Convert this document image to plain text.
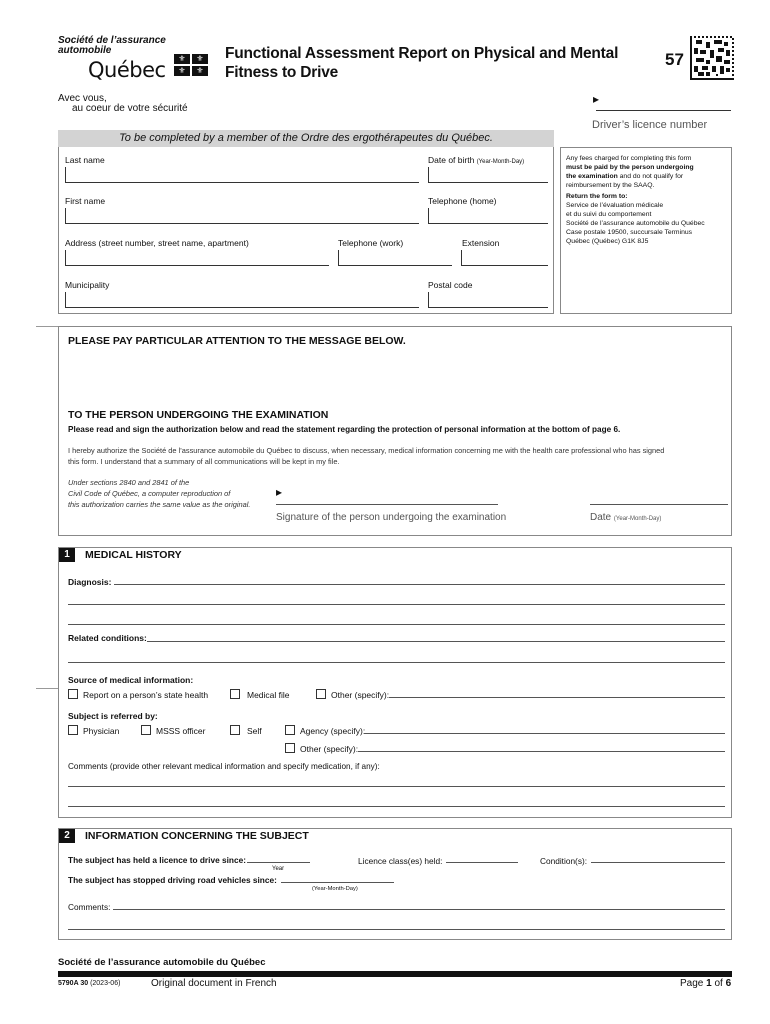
Société de l’assurance
automobile
Québec	⚜	⚜
⚜	⚜
Avec vous,
au coeur de votre sécurité
Functional Assessment Report on Physical and Mental
Fitness to Drive
57
▸
Driver’s licence number
To be completed by a member of the Ordre des ergothérapeutes du Québec.
Last name	Date of birth (Year-Month-Day)
First name	Telephone (home)
Address (street number, street name, apartment)	Telephone (work)	Extension
Municipality	Postal code
Any fees charged for completing this form
must be paid by the person undergoing
the examination and do not qualify for
reimbursement by the SAAQ.
Return the form to:
Service de l’évaluation médicale
et du suivi du comportement
Société de l’assurance automobile du Québec
Case postale 19500, succursale Terminus
Québec (Québec) G1K 8J5
PLEASE PAY PARTICULAR ATTENTION TO THE MESSAGE BELOW.
TO THE PERSON UNDERGOING THE EXAMINATION
Please read and sign the authorization below and read the statement regarding the protection of personal information at the bottom of page 6.
I hereby authorize the Société de l’assurance automobile du Québec to discuss, when necessary, medical information concerning me with the health care professional who has signed
this form. I understand that a summary of all communications will be kept in my file.
Under sections 2840 and 2841 of the
Civil Code of Québec, a computer reproduction of
this authorization carries the same value as the original.
▸
Signature of the person undergoing the examination	Date (Year-Month-Day)
1	MEDICAL HISTORY
Diagnosis:
Related conditions:
Source of medical information:
Report on a person’s state health	Medical file	Other (specify):
Subject is referred by:
Physician	MSSS officer	Self	Agency (specify):
Other (specify):
Comments (provide other relevant medical information and specify medication, if any):
2	INFORMATION CONCERNING THE SUBJECT
The subject has held a licence to drive since:
Year
Licence class(es) held:	Condition(s):
The subject has stopped driving road vehicles since:
(Year-Month-Day)
Comments:
Société de l’assurance automobile du Québec
5790A 30 (2023-06)	Original document in French	Page 1 of 6
